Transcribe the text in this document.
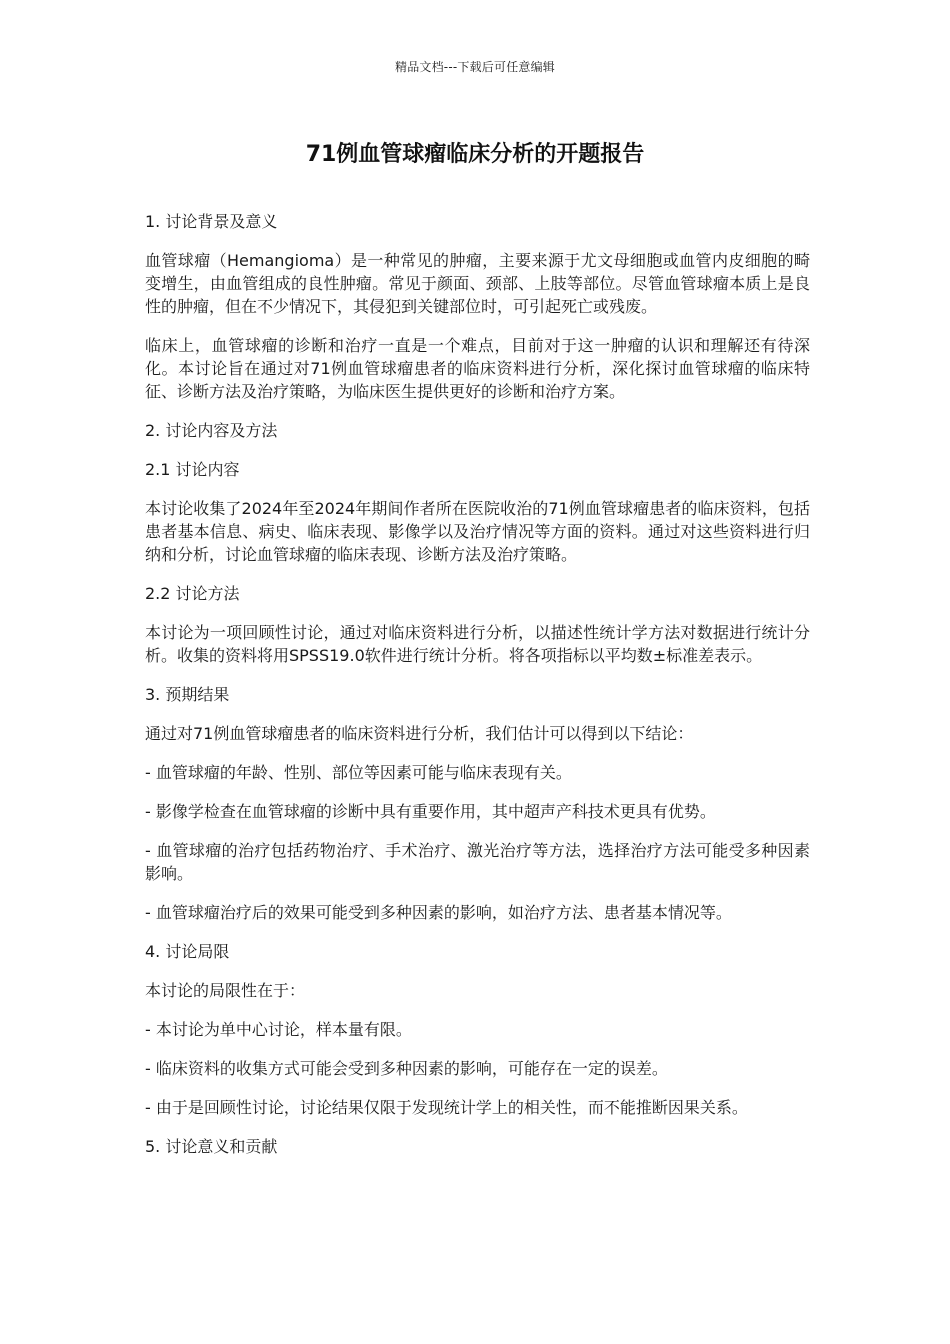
精品文档---下载后可任意编辑
71例血管球瘤临床分析的开题报告

1. 讨论背景及意义

血管球瘤（Hemangioma）是一种常见的肿瘤，主要来源于尤文母细胞或血管内皮细胞的畸变增生，由血管组成的良性肿瘤。常见于颜面、颈部、上肢等部位。尽管血管球瘤本质上是良性的肿瘤，但在不少情况下，其侵犯到关键部位时，可引起死亡或残废。

临床上，血管球瘤的诊断和治疗一直是一个难点，目前对于这一肿瘤的认识和理解还有待深化。本讨论旨在通过对71例血管球瘤患者的临床资料进行分析，深化探讨血管球瘤的临床特征、诊断方法及治疗策略，为临床医生提供更好的诊断和治疗方案。

2. 讨论内容及方法

2.1 讨论内容

本讨论收集了2024年至2024年期间作者所在医院收治的71例血管球瘤患者的临床资料，包括患者基本信息、病史、临床表现、影像学以及治疗情况等方面的资料。通过对这些资料进行归纳和分析，讨论血管球瘤的临床表现、诊断方法及治疗策略。

2.2 讨论方法

本讨论为一项回顾性讨论，通过对临床资料进行分析，以描述性统计学方法对数据进行统计分析。收集的资料将用SPSS19.0软件进行统计分析。将各项指标以平均数±标准差表示。

3. 预期结果

通过对71例血管球瘤患者的临床资料进行分析，我们估计可以得到以下结论：

- 血管球瘤的年龄、性别、部位等因素可能与临床表现有关。

- 影像学检查在血管球瘤的诊断中具有重要作用，其中超声产科技术更具有优势。

- 血管球瘤的治疗包括药物治疗、手术治疗、激光治疗等方法，选择治疗方法可能受多种因素影响。

- 血管球瘤治疗后的效果可能受到多种因素的影响，如治疗方法、患者基本情况等。

4. 讨论局限

本讨论的局限性在于：

- 本讨论为单中心讨论，样本量有限。

- 临床资料的收集方式可能会受到多种因素的影响，可能存在一定的误差。

- 由于是回顾性讨论，讨论结果仅限于发现统计学上的相关性，而不能推断因果关系。

5. 讨论意义和贡献
